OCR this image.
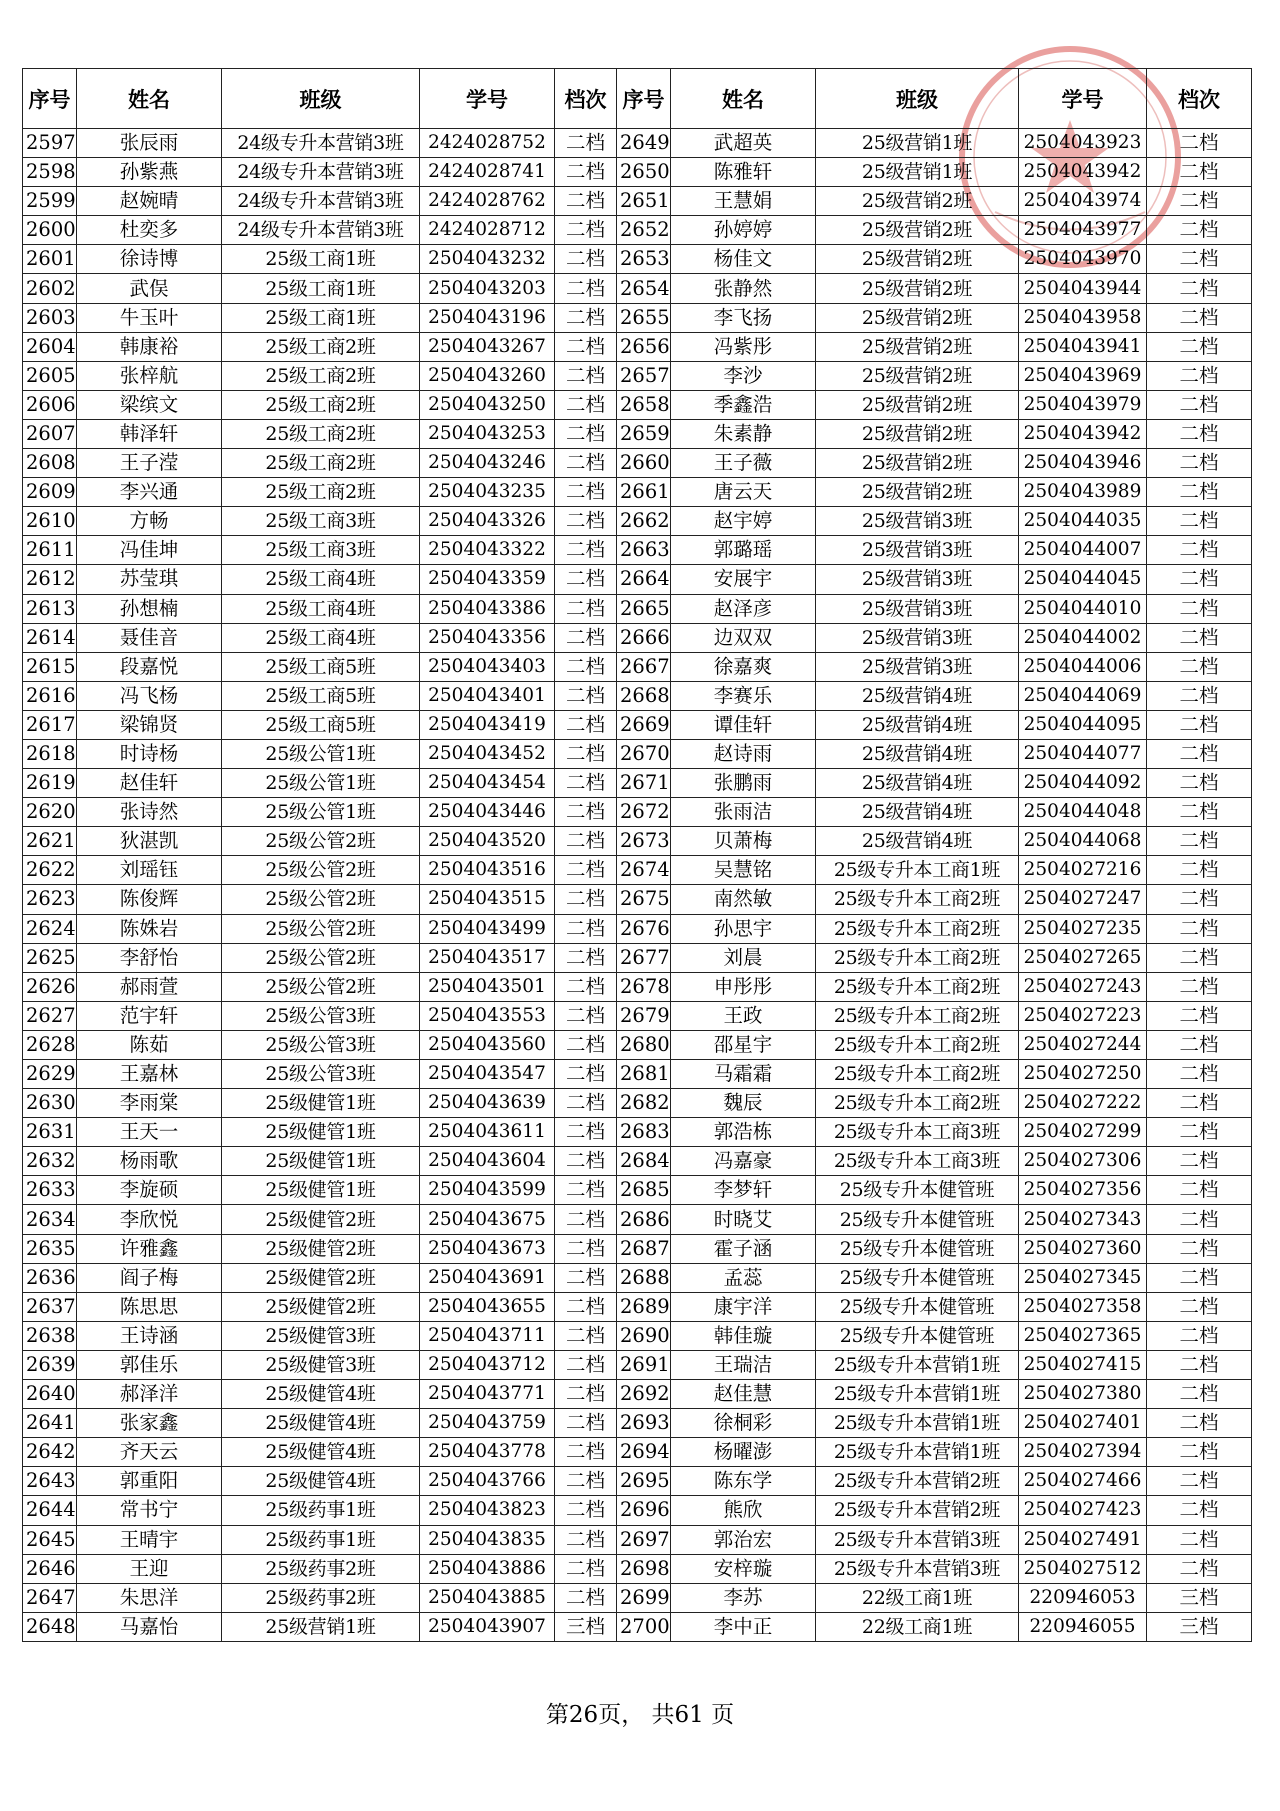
序号	姓名	班级	学号	档次	序号	姓名	班级	学号	档次
2597	张辰雨	24级专升本营销3班	2424028752	二档	2649	武超英	25级营销1班	2504043923	二档
2598	孙紫燕	24级专升本营销3班	2424028741	二档	2650	陈雅轩	25级营销1班	2504043942	二档
2599	赵婉晴	24级专升本营销3班	2424028762	二档	2651	王慧娟	25级营销2班	2504043974	二档
2600	杜奕多	24级专升本营销3班	2424028712	二档	2652	孙婷婷	25级营销2班	2504043977	二档
2601	徐诗博	25级工商1班	2504043232	二档	2653	杨佳文	25级营销2班	2504043970	二档
2602	武俣	25级工商1班	2504043203	二档	2654	张静然	25级营销2班	2504043944	二档
2603	牛玉叶	25级工商1班	2504043196	二档	2655	李飞扬	25级营销2班	2504043958	二档
2604	韩康裕	25级工商2班	2504043267	二档	2656	冯紫彤	25级营销2班	2504043941	二档
2605	张梓航	25级工商2班	2504043260	二档	2657	李沙	25级营销2班	2504043969	二档
2606	梁缤文	25级工商2班	2504043250	二档	2658	季鑫浩	25级营销2班	2504043979	二档
2607	韩泽轩	25级工商2班	2504043253	二档	2659	朱素静	25级营销2班	2504043942	二档
2608	王子滢	25级工商2班	2504043246	二档	2660	王子薇	25级营销2班	2504043946	二档
2609	李兴通	25级工商2班	2504043235	二档	2661	唐云天	25级营销2班	2504043989	二档
2610	方畅	25级工商3班	2504043326	二档	2662	赵宇婷	25级营销3班	2504044035	二档
2611	冯佳坤	25级工商3班	2504043322	二档	2663	郭璐瑶	25级营销3班	2504044007	二档
2612	苏莹琪	25级工商4班	2504043359	二档	2664	安展宇	25级营销3班	2504044045	二档
2613	孙想楠	25级工商4班	2504043386	二档	2665	赵泽彦	25级营销3班	2504044010	二档
2614	聂佳音	25级工商4班	2504043356	二档	2666	边双双	25级营销3班	2504044002	二档
2615	段嘉悦	25级工商5班	2504043403	二档	2667	徐嘉爽	25级营销3班	2504044006	二档
2616	冯飞杨	25级工商5班	2504043401	二档	2668	李赛乐	25级营销4班	2504044069	二档
2617	梁锦贤	25级工商5班	2504043419	二档	2669	谭佳轩	25级营销4班	2504044095	二档
2618	时诗杨	25级公管1班	2504043452	二档	2670	赵诗雨	25级营销4班	2504044077	二档
2619	赵佳轩	25级公管1班	2504043454	二档	2671	张鹏雨	25级营销4班	2504044092	二档
2620	张诗然	25级公管1班	2504043446	二档	2672	张雨洁	25级营销4班	2504044048	二档
2621	狄湛凯	25级公管2班	2504043520	二档	2673	贝萧梅	25级营销4班	2504044068	二档
2622	刘瑶钰	25级公管2班	2504043516	二档	2674	吴慧铭	25级专升本工商1班	2504027216	二档
2623	陈俊辉	25级公管2班	2504043515	二档	2675	南然敏	25级专升本工商2班	2504027247	二档
2624	陈姝岩	25级公管2班	2504043499	二档	2676	孙思宇	25级专升本工商2班	2504027235	二档
2625	李舒怡	25级公管2班	2504043517	二档	2677	刘晨	25级专升本工商2班	2504027265	二档
2626	郝雨萱	25级公管2班	2504043501	二档	2678	申彤彤	25级专升本工商2班	2504027243	二档
2627	范宇轩	25级公管3班	2504043553	二档	2679	王政	25级专升本工商2班	2504027223	二档
2628	陈茹	25级公管3班	2504043560	二档	2680	邵星宇	25级专升本工商2班	2504027244	二档
2629	王嘉林	25级公管3班	2504043547	二档	2681	马霜霜	25级专升本工商2班	2504027250	二档
2630	李雨棠	25级健管1班	2504043639	二档	2682	魏辰	25级专升本工商2班	2504027222	二档
2631	王天一	25级健管1班	2504043611	二档	2683	郭浩栋	25级专升本工商3班	2504027299	二档
2632	杨雨歌	25级健管1班	2504043604	二档	2684	冯嘉豪	25级专升本工商3班	2504027306	二档
2633	李旋硕	25级健管1班	2504043599	二档	2685	李梦轩	25级专升本健管班	2504027356	二档
2634	李欣悦	25级健管2班	2504043675	二档	2686	时晓艾	25级专升本健管班	2504027343	二档
2635	许雅鑫	25级健管2班	2504043673	二档	2687	霍子涵	25级专升本健管班	2504027360	二档
2636	阎子梅	25级健管2班	2504043691	二档	2688	孟蕊	25级专升本健管班	2504027345	二档
2637	陈思思	25级健管2班	2504043655	二档	2689	康宇洋	25级专升本健管班	2504027358	二档
2638	王诗涵	25级健管3班	2504043711	二档	2690	韩佳璇	25级专升本健管班	2504027365	二档
2639	郭佳乐	25级健管3班	2504043712	二档	2691	王瑞洁	25级专升本营销1班	2504027415	二档
2640	郝泽洋	25级健管4班	2504043771	二档	2692	赵佳慧	25级专升本营销1班	2504027380	二档
2641	张家鑫	25级健管4班	2504043759	二档	2693	徐桐彩	25级专升本营销1班	2504027401	二档
2642	齐天云	25级健管4班	2504043778	二档	2694	杨曜澎	25级专升本营销1班	2504027394	二档
2643	郭重阳	25级健管4班	2504043766	二档	2695	陈东学	25级专升本营销2班	2504027466	二档
2644	常书宁	25级药事1班	2504043823	二档	2696	熊欣	25级专升本营销2班	2504027423	二档
2645	王晴宇	25级药事1班	2504043835	二档	2697	郭治宏	25级专升本营销3班	2504027491	二档
2646	王迎	25级药事2班	2504043886	二档	2698	安梓璇	25级专升本营销3班	2504027512	二档
2647	朱思洋	25级药事2班	2504043885	二档	2699	李苏	22级工商1班	220946053	三档
2648	马嘉怡	25级营销1班	2504043907	三档	2700	李中正	22级工商1班	220946055	三档
第26页， 共61 页
